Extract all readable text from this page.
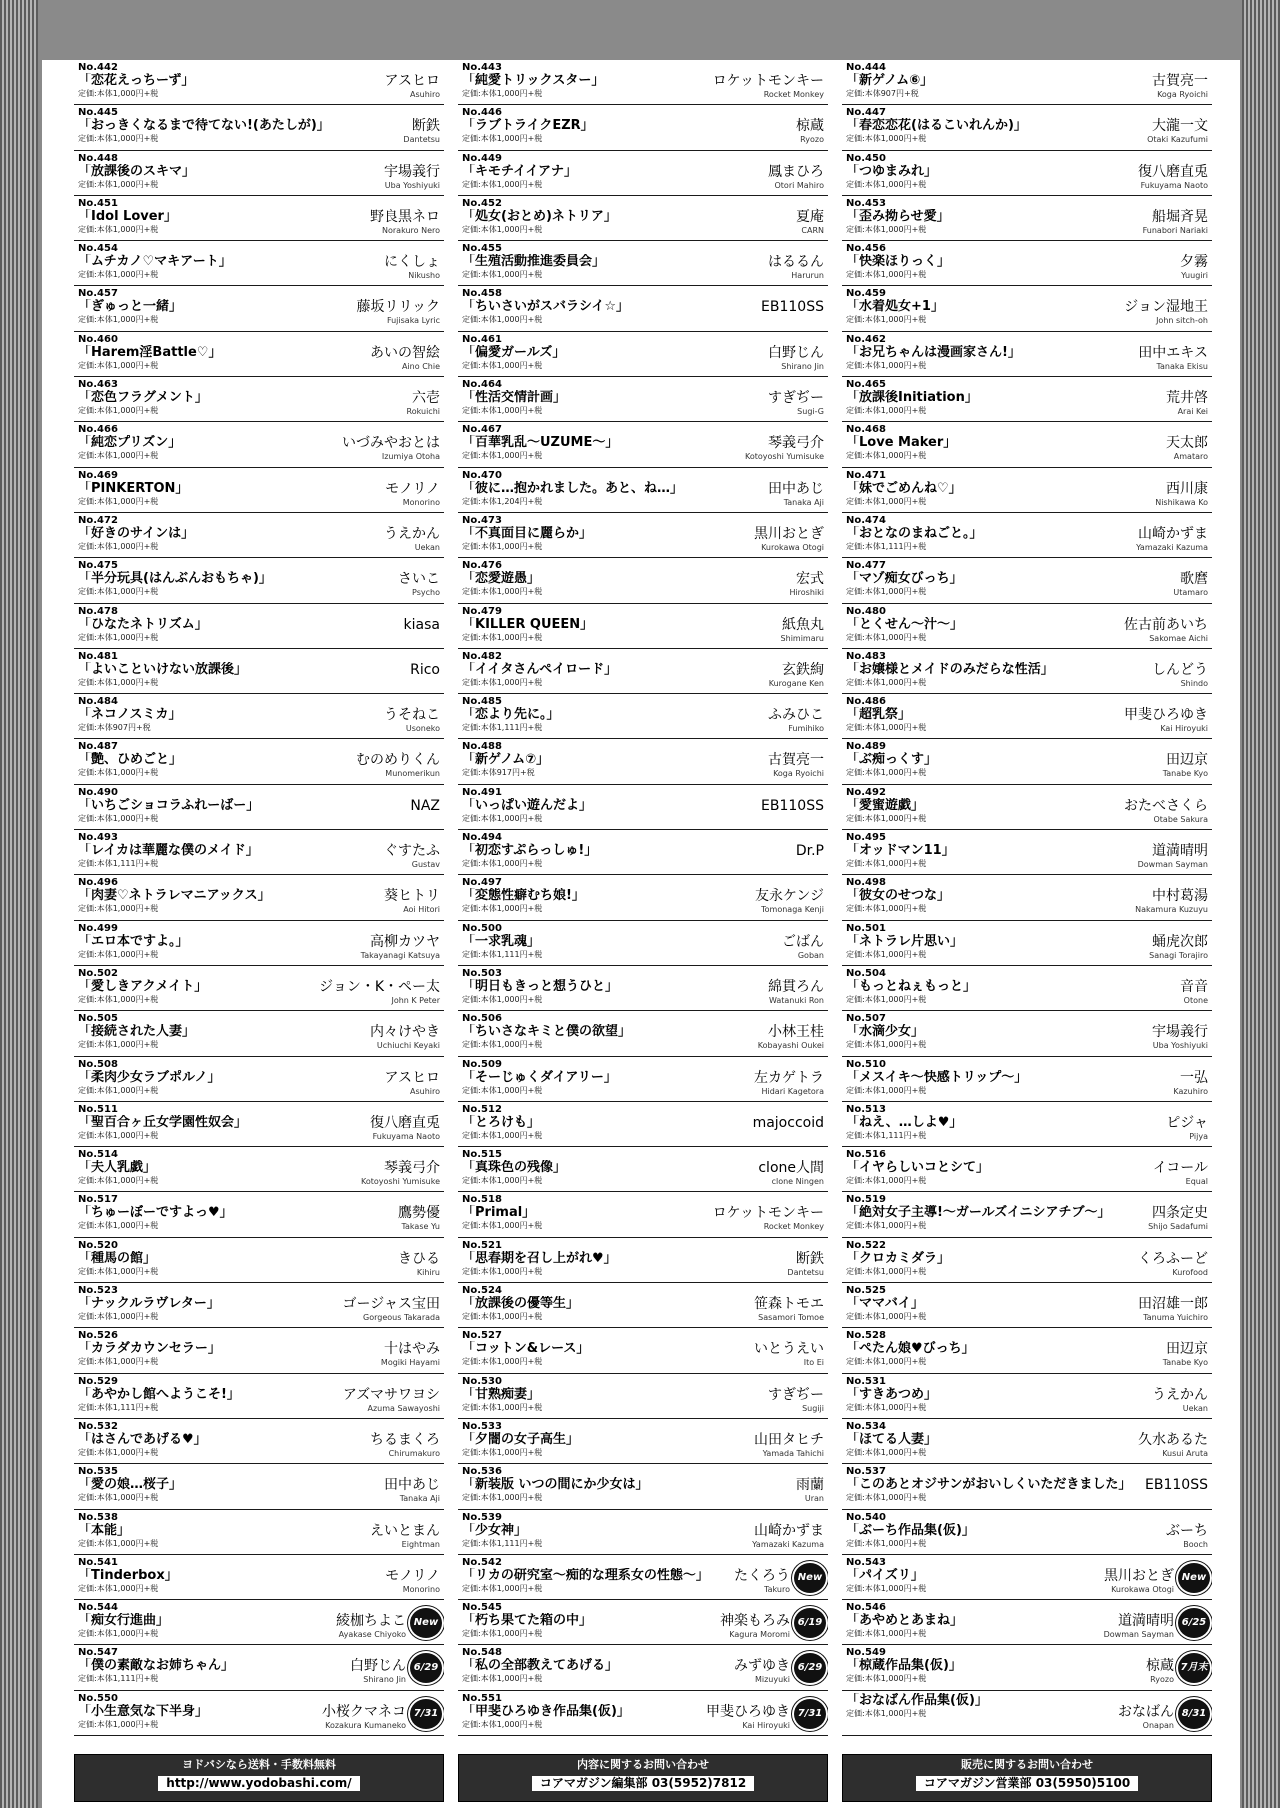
No.442
「恋花えっちーず」
定価:本体1,000円+税
アスヒロ
Asuhiro
No.443
「純愛トリックスター」
定価:本体1,000円+税
ロケットモンキー
Rocket Monkey
No.444
「新ゲノム⑥」
定価:本体907円+税
古賀亮一
Koga Ryoichi
No.445
「おっきくなるまで待てない!(あたしが)」
定価:本体1,000円+税
断鉄
Dantetsu
No.446
「ラブトライクEZR」
定価:本体1,000円+税
椋蔵
Ryozo
No.447
「春恋恋花(はるこいれんか)」
定価:本体1,000円+税
大瀧一文
Otaki Kazufumi
No.448
「放課後のスキマ」
定価:本体1,000円+税
宇場義行
Uba Yoshiyuki
No.449
「キモチイイアナ」
定価:本体1,000円+税
鳳まひろ
Otori Mahiro
No.450
「つゆまみれ」
定価:本体1,000円+税
復八磨直兎
Fukuyama Naoto
No.451
「Idol Lover」
定価:本体1,000円+税
野良黒ネロ
Norakuro Nero
No.452
「処女(おとめ)ネトリア」
定価:本体1,000円+税
夏庵
CARN
No.453
「歪み拗らせ愛」
定価:本体1,000円+税
船堀斉晃
Funabori Nariaki
No.454
「ムチカノ♡マキアート」
定価:本体1,000円+税
にくしょ
Nikusho
No.455
「生殖活動推進委員会」
定価:本体1,000円+税
はるるん
Harurun
No.456
「快楽ほりっく」
定価:本体1,000円+税
夕霧
Yuugiri
No.457
「ぎゅっと一緒」
定価:本体1,000円+税
藤坂リリック
Fujisaka Lyric
No.458
「ちいさいがスバラシイ☆」
定価:本体1,000円+税
EB110SS
No.459
「水着処女+1」
定価:本体1,000円+税
ジョン湿地王
John sitch-oh
No.460
「Harem淫Battle♡」
定価:本体1,000円+税
あいの智絵
Aino Chie
No.461
「偏愛ガールズ」
定価:本体1,000円+税
白野じん
Shirano Jin
No.462
「お兄ちゃんは漫画家さん!」
定価:本体1,000円+税
田中エキス
Tanaka Ekisu
No.463
「恋色フラグメント」
定価:本体1,000円+税
六壱
Rokuichi
No.464
「性活交情計画」
定価:本体1,000円+税
すぎぢー
Sugi-G
No.465
「放課後Initiation」
定価:本体1,000円+税
荒井啓
Arai Kei
No.466
「純恋プリズン」
定価:本体1,000円+税
いづみやおとは
Izumiya Otoha
No.467
「百華乳乱〜UZUME〜」
定価:本体1,000円+税
琴義弓介
Kotoyoshi Yumisuke
No.468
「Love Maker」
定価:本体1,000円+税
天太郎
Amataro
No.469
「PINKERTON」
定価:本体1,000円+税
モノリノ
Monorino
No.470
「彼に…抱かれました。あと、ね…」
定価:本体1,204円+税
田中あじ
Tanaka Aji
No.471
「妹でごめんね♡」
定価:本体1,000円+税
西川康
Nishikawa Ko
No.472
「好きのサインは」
定価:本体1,000円+税
うえかん
Uekan
No.473
「不真面目に麗らか」
定価:本体1,000円+税
黒川おとぎ
Kurokawa Otogi
No.474
「おとなのまねごと。」
定価:本体1,111円+税
山崎かずま
Yamazaki Kazuma
No.475
「半分玩具(はんぶんおもちゃ)」
定価:本体1,000円+税
さいこ
Psycho
No.476
「恋愛遊愚」
定価:本体1,000円+税
宏式
Hiroshiki
No.477
「マゾ痴女びっち」
定価:本体1,000円+税
歌麿
Utamaro
No.478
「ひなたネトリズム」
定価:本体1,000円+税
kiasa
No.479
「KILLER QUEEN」
定価:本体1,000円+税
紙魚丸
Shimimaru
No.480
「とくせん〜汁〜」
定価:本体1,000円+税
佐古前あいち
Sakomae Aichi
No.481
「よいこといけない放課後」
定価:本体1,000円+税
Rico
No.482
「イイタさんペイロード」
定価:本体1,000円+税
玄鉄絢
Kurogane Ken
No.483
「お嬢様とメイドのみだらな性活」
定価:本体1,000円+税
しんどう
Shindo
No.484
「ネコノスミカ」
定価:本体907円+税
うそねこ
Usoneko
No.485
「恋より先に。」
定価:本体1,111円+税
ふみひこ
Fumihiko
No.486
「超乳祭」
定価:本体1,000円+税
甲斐ひろゆき
Kai Hiroyuki
No.487
「艶、ひめごと」
定価:本体1,000円+税
むのめりくん
Munomerikun
No.488
「新ゲノム⑦」
定価:本体917円+税
古賀亮一
Koga Ryoichi
No.489
「ぶ痴っくす」
定価:本体1,000円+税
田辺京
Tanabe Kyo
No.490
「いちごショコラふれーばー」
定価:本体1,000円+税
NAZ
No.491
「いっぱい遊んだよ」
定価:本体1,000円+税
EB110SS
No.492
「愛蜜遊戯」
定価:本体1,000円+税
おたべさくら
Otabe Sakura
No.493
「レイカは華麗な僕のメイド」
定価:本体1,111円+税
ぐすたふ
Gustav
No.494
「初恋すぷらっしゅ!」
定価:本体1,000円+税
Dr.P
No.495
「オッドマン11」
定価:本体1,000円+税
道満晴明
Dowman Sayman
No.496
「肉妻♡ネトラレマニアックス」
定価:本体1,000円+税
葵ヒトリ
Aoi Hitori
No.497
「変態性癖むち娘!」
定価:本体1,000円+税
友永ケンジ
Tomonaga Kenji
No.498
「彼女のせつな」
定価:本体1,000円+税
中村葛湯
Nakamura Kuzuyu
No.499
「エロ本ですよ。」
定価:本体1,000円+税
高柳カツヤ
Takayanagi Katsuya
No.500
「一求乳魂」
定価:本体1,111円+税
ごばん
Goban
No.501
「ネトラレ片思い」
定価:本体1,000円+税
蛹虎次郎
Sanagi Torajiro
No.502
「愛しきアクメイト」
定価:本体1,000円+税
ジョン・K・ペー太
John K Peter
No.503
「明日もきっと想うひと」
定価:本体1,000円+税
綿貫ろん
Watanuki Ron
No.504
「もっとねぇもっと」
定価:本体1,000円+税
音音
Otone
No.505
「接続された人妻」
定価:本体1,000円+税
内々けやき
Uchiuchi Keyaki
No.506
「ちいさなキミと僕の欲望」
定価:本体1,000円+税
小林王桂
Kobayashi Oukei
No.507
「水滴少女」
定価:本体1,000円+税
宇場義行
Uba Yoshiyuki
No.508
「柔肉少女ラブポルノ」
定価:本体1,000円+税
アスヒロ
Asuhiro
No.509
「そーじゅくダイアリー」
定価:本体1,000円+税
左カゲトラ
Hidari Kagetora
No.510
「メスイキ〜快感トリップ〜」
定価:本体1,000円+税
一弘
Kazuhiro
No.511
「聖百合ヶ丘女学園性奴会」
定価:本体1,000円+税
復八磨直兎
Fukuyama Naoto
No.512
「とろけも」
定価:本体1,000円+税
majoccoid
No.513
「ねえ、…しよ♥」
定価:本体1,111円+税
ピジャ
Pijya
No.514
「夫人乳戯」
定価:本体1,000円+税
琴義弓介
Kotoyoshi Yumisuke
No.515
「真珠色の残像」
定価:本体1,000円+税
clone人間
clone Ningen
No.516
「イヤらしいコとシて」
定価:本体1,000円+税
イコール
Equal
No.517
「ちゅーぼーですよっ♥」
定価:本体1,000円+税
鷹勢優
Takase Yu
No.518
「Primal」
定価:本体1,000円+税
ロケットモンキー
Rocket Monkey
No.519
「絶対女子主導!〜ガールズイニシアチブ〜」
定価:本体1,000円+税
四条定史
Shijo Sadafumi
No.520
「種馬の館」
定価:本体1,000円+税
きひる
Kihiru
No.521
「思春期を召し上がれ♥」
定価:本体1,000円+税
断鉄
Dantetsu
No.522
「クロカミダラ」
定価:本体1,000円+税
くろふーど
Kurofood
No.523
「ナックルラヴレター」
定価:本体1,000円+税
ゴージャス宝田
Gorgeous Takarada
No.524
「放課後の優等生」
定価:本体1,000円+税
笹森トモエ
Sasamori Tomoe
No.525
「ママバイ」
定価:本体1,000円+税
田沼雄一郎
Tanuma Yuichiro
No.526
「カラダカウンセラー」
定価:本体1,000円+税
十はやみ
Mogiki Hayami
No.527
「コットン&レース」
定価:本体1,000円+税
いとうえい
Ito Ei
No.528
「ぺたん娘♥びっち」
定価:本体1,000円+税
田辺京
Tanabe Kyo
No.529
「あやかし館へようこそ!」
定価:本体1,111円+税
アズマサワヨシ
Azuma Sawayoshi
No.530
「甘熟痴妻」
定価:本体1,000円+税
すぎぢー
Sugiji
No.531
「すきあつめ」
定価:本体1,000円+税
うえかん
Uekan
No.532
「はさんであげる♥」
定価:本体1,000円+税
ちるまくろ
Chirumakuro
No.533
「夕闇の女子高生」
定価:本体1,000円+税
山田タヒチ
Yamada Tahichi
No.534
「ほてる人妻」
定価:本体1,000円+税
久水あるた
Kusui Aruta
No.535
「愛の娘…桜子」
定価:本体1,000円+税
田中あじ
Tanaka Aji
No.536
「新装版 いつの間にか少女は」
定価:本体1,000円+税
雨蘭
Uran
No.537
「このあとオジサンがおいしくいただきました」
定価:本体1,000円+税
EB110SS
No.538
「本能」
定価:本体1,000円+税
えいとまん
Eightman
No.539
「少女神」
定価:本体1,111円+税
山崎かずま
Yamazaki Kazuma
No.540
「ぶーち作品集(仮)」
定価:本体1,000円+税
ぶーち
Booch
No.541
「Tinderbox」
定価:本体1,000円+税
モノリノ
Monorino
No.542
「リカの研究室〜痴的な理系女の性態〜」
定価:本体1,000円+税
たくろう
Takuro
New
No.543
「パイズリ」
定価:本体1,000円+税
黒川おとぎ
Kurokawa Otogi
New
No.544
「痴女行進曲」
定価:本体1,000円+税
綾枷ちよこ
Ayakase Chiyoko
New
No.545
「朽ち果てた箱の中」
定価:本体1,000円+税
神楽もろみ
Kagura Moromi
6/19
No.546
「あやめとあまね」
定価:本体1,000円+税
道満晴明
Dowman Sayman
6/25
No.547
「僕の素敵なお姉ちゃん」
定価:本体1,111円+税
白野じん
Shirano Jin
6/29
No.548
「私の全部教えてあげる」
定価:本体1,000円+税
みずゆき
Mizuyuki
6/29
No.549
「椋蔵作品集(仮)」
定価:本体1,000円+税
椋蔵
Ryozo
7月末
No.550
「小生意気な下半身」
定価:本体1,000円+税
小桜クマネコ
Kozakura Kumaneko
7/31
No.551
「甲斐ひろゆき作品集(仮)」
定価:本体1,000円+税
甲斐ひろゆき
Kai Hiroyuki
7/31
「おなばん作品集(仮)」
定価:本体1,000円+税	おなばん
Onapan
8/31
ヨドバシなら送料・手数料無料
http://www.yodobashi.com/
内容に関するお問い合わせ
コアマガジン編集部 03(5952)7812
販売に関するお問い合わせ
コアマガジン営業部 03(5950)5100
